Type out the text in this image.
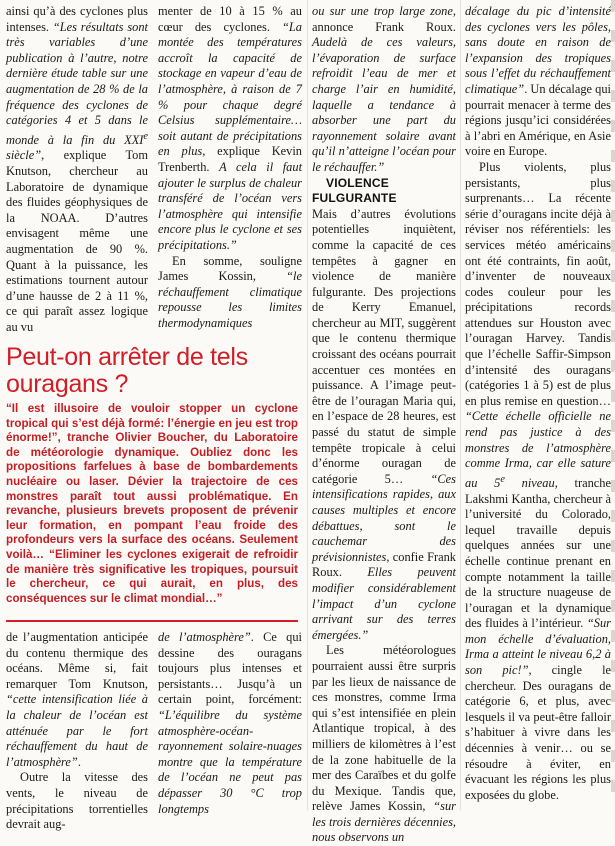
ainsi qu’à des cyclones plus intenses. “Les résultats sont très variables d’une publication à l’autre, notre dernière étude table sur une augmentation de 28 % de la fréquence des cyclones de catégories 4 et 5 dans le monde à la fin du XXIe siècle”, explique Tom Knutson, chercheur au Laboratoire de dynamique des fluides géophysiques de la NOAA. D’autres envisagent même une augmentation de 90 %. Quant à la puissance, les estimations tournent autour d’une hausse de 2 à 11 %, ce qui paraît assez logique au vu

menter de 10 à 15 % au cœur des cyclones. “La montée des températures accroît la capacité de stockage en vapeur d’eau de l’atmosphère, à raison de 7 % pour chaque degré Celsius supplémentaire… soit autant de précipitations en plus, explique Kevin Trenberth. A cela il faut ajouter le surplus de chaleur transféré de l’océan vers l’atmosphère qui intensifie encore plus le cyclone et ses précipitations.”

En somme, souligne James Kossin, “le réchauffement climatique repousse les limites thermodynamiques

Peut-on arrêter de tels ouragans ?
“Il est illusoire de vouloir stopper un cyclone tropical qui s’est déjà formé: l’énergie en jeu est trop énorme!”, tranche Olivier Boucher, du Laboratoire de météorologie dynamique. Oubliez donc les propositions farfelues à base de bombardements nucléaire ou laser. Dévier la trajectoire de ces monstres paraît tout aussi problématique. En revanche, plusieurs brevets proposent de prévenir leur formation, en pompant l’eau froide des profondeurs vers la surface des océans. Seulement voilà… “Eliminer les cyclones exigerait de refroidir de manière très significative les tropiques, poursuit le chercheur, ce qui aurait, en plus, des conséquences sur le climat mondial…”

de l’augmentation anticipée du contenu thermique des océans. Même si, fait remarquer Tom Knutson, “cette intensification liée à la chaleur de l’océan est atténuée par le fort réchauffement du haut de l’atmosphère”.

Outre la vitesse des vents, le niveau de précipitations torrentielles devrait aug-

de l’atmosphère”. Ce qui dessine des ouragans toujours plus intenses et persistants… Jusqu’à un certain point, forcément: “L’équilibre du système atmosphère-océan-rayonnement solaire-nuages montre que la température de l’océan ne peut pas dépasser 30 °C trop longtemps

ou sur une trop large zone, annonce Frank Roux. Audelà de ces valeurs, l’évaporation de surface refroidit l’eau de mer et charge l’air en humidité, laquelle a tendance à absorber une part du rayonnement solaire avant qu’il n’atteigne l’océan pour le réchauffer.”

VIOLENCE FULGURANTE

Mais d’autres évolutions potentielles inquiètent, comme la capacité de ces tempêtes à gagner en violence de manière fulgurante. Des projections de Kerry Emanuel, chercheur au MIT, suggèrent que le contenu thermique croissant des océans pourrait accentuer ces montées en puissance. A l’image peut-être de l’ouragan Maria qui, en l’espace de 28 heures, est passé du statut de simple tempête tropicale à celui d’énorme ouragan de catégorie 5… “Ces intensifications rapides, aux causes multiples et encore débattues, sont le cauchemar des prévisionnistes, confie Frank Roux. Elles peuvent modifier considérablement l’impact d’un cyclone arrivant sur des terres émergées.”

Les météorologues pourraient aussi être surpris par les lieux de naissance de ces monstres, comme Irma qui s’est intensifiée en plein Atlantique tropical, à des milliers de kilomètres à l’est de la zone habituelle de la mer des Caraïbes et du golfe du Mexique. Tandis que, relève James Kossin, “sur les trois dernières décennies, nous observons un

décalage du pic d’intensité des cyclones vers les pôles, sans doute en raison de l’expansion des tropiques sous l’effet du réchauffement climatique”. Un décalage qui pourrait menacer à terme des régions jusqu’ici considérées à l’abri en Amérique, en Asie voire en Europe.

Plus violents, plus persistants, plus surprenants… La récente série d’ouragans incite déjà à réviser nos référentiels: les services météo américains ont été contraints, fin août, d’inventer de nouveaux codes couleur pour les précipitations records attendues sur Houston avec l’ouragan Harvey. Tandis que l’échelle Saffir-Simpson d’intensité des ouragans (catégories 1 à 5) est de plus en plus remise en question… “Cette échelle officielle ne rend pas justice à des monstres de l’atmosphère comme Irma, car elle sature au 5e niveau, tranche Lakshmi Kantha, chercheur à l’université du Colorado, lequel travaille depuis quelques années sur une échelle continue prenant en compte notamment la taille de la structure nuageuse de l’ouragan et la dynamique des fluides à l’intérieur. “Sur mon échelle d’évaluation, Irma a atteint le niveau 6,2 à son pic!”, cingle le chercheur. Des ouragans de catégorie 6, et plus, avec lesquels il va peut-être falloir s’habituer à vivre dans les décennies à venir… ou se résoudre à éviter, en évacuant les régions les plus exposées du globe.
